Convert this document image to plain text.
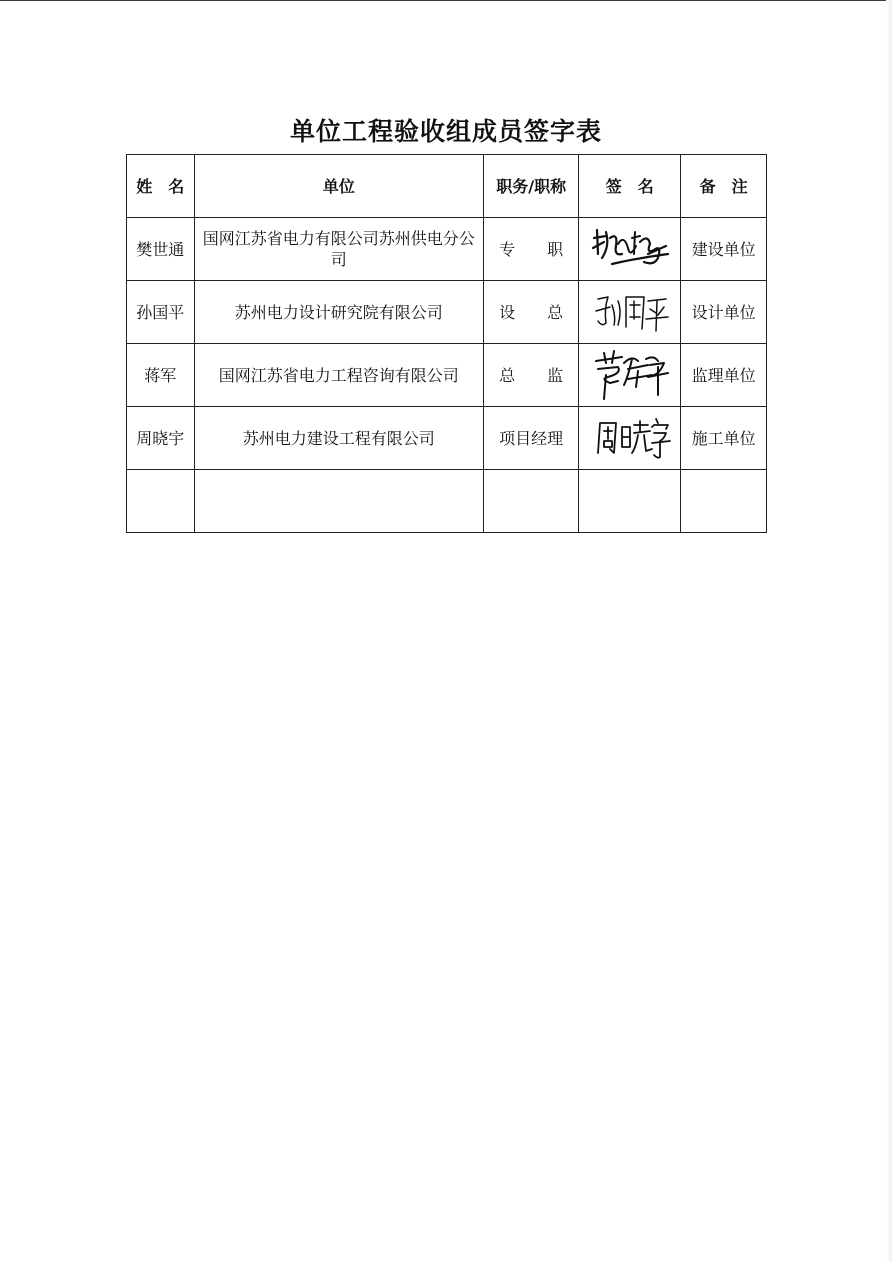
单位工程验收组成员签字表
姓　名	单位	职务/职称	签　名	备　注
樊世通	国网江苏省电力有限公司苏州供电分公司	专　　职		建设单位
孙国平	苏州电力设计研究院有限公司	设　　总		设计单位
蒋军	国网江苏省电力工程咨询有限公司	总　　监		监理单位
周晓宇	苏州电力建设工程有限公司	项目经理		施工单位
